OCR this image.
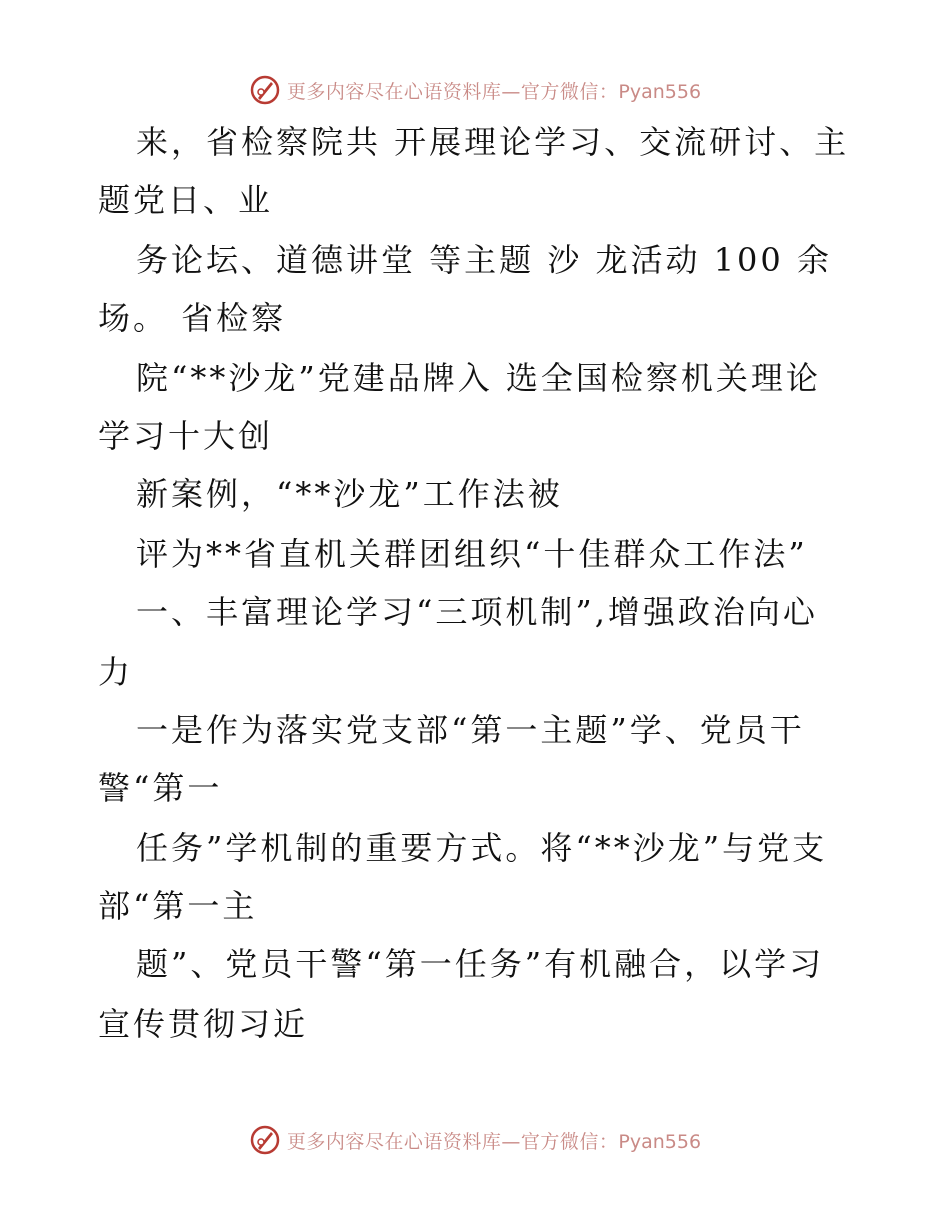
更多内容尽在心语资料库—官方微信：Pyan556
来，省检察院共 开展理论学习、交流研讨、主
题党日、业
务论坛、道德讲堂 等主题 沙 龙活动 100 余
场。 省检察
院“**沙龙”党建品牌入 选全国检察机关理论
学习十大创
新案例，“**沙龙”工作法被
评为**省直机关群团组织“十佳群众工作法”
一、丰富理论学习“三项机制”,增强政治向心
力
一是作为落实党支部“第一主题”学、党员干
警“第一
任务”学机制的重要方式。将“**沙龙”与党支
部“第一主
题”、党员干警“第一任务”有机融合，以学习
宣传贯彻习近
更多内容尽在心语资料库—官方微信：Pyan556
